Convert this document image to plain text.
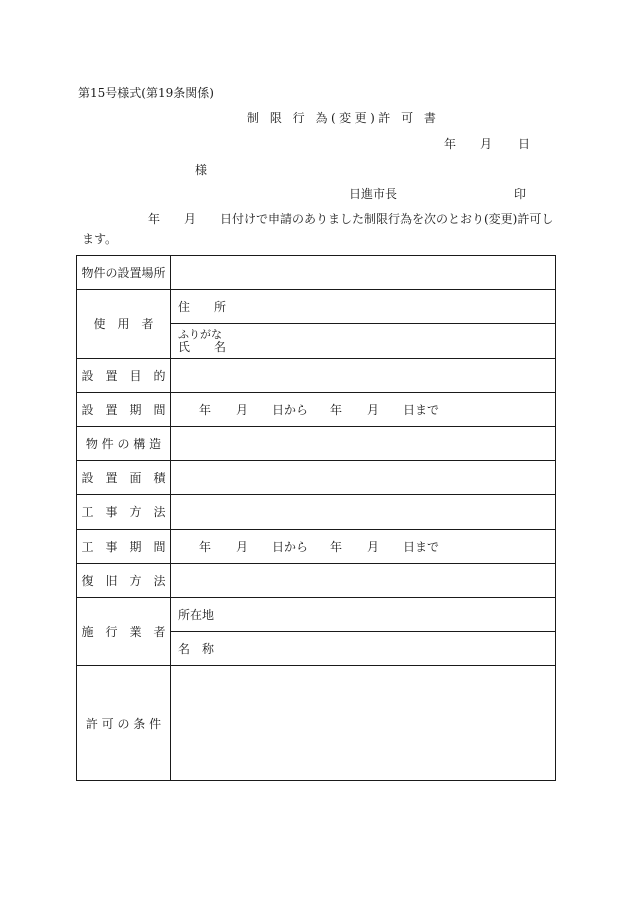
第15号様式(第19条関係)
制 限 行 為(変更)許 可 書
年 月 日
様
日進市長	印
年 月 日付けで申請のありました制限行為を次のとおり(変更)許可し
ます。
物件の設置場所	
使　用　者	住　　所

	ふりがな
氏　　名

設　置　目　的	
設　置　期　間	年 月 日から 年 月 日まで
物 件 の 構 造	
設　置　面　積	
工　事　方　法	
工　事　期　間	年 月 日から 年 月 日まで
復　旧　方　法	
施　行　業　者	所在地
	名　称
許 可 の 条 件	
